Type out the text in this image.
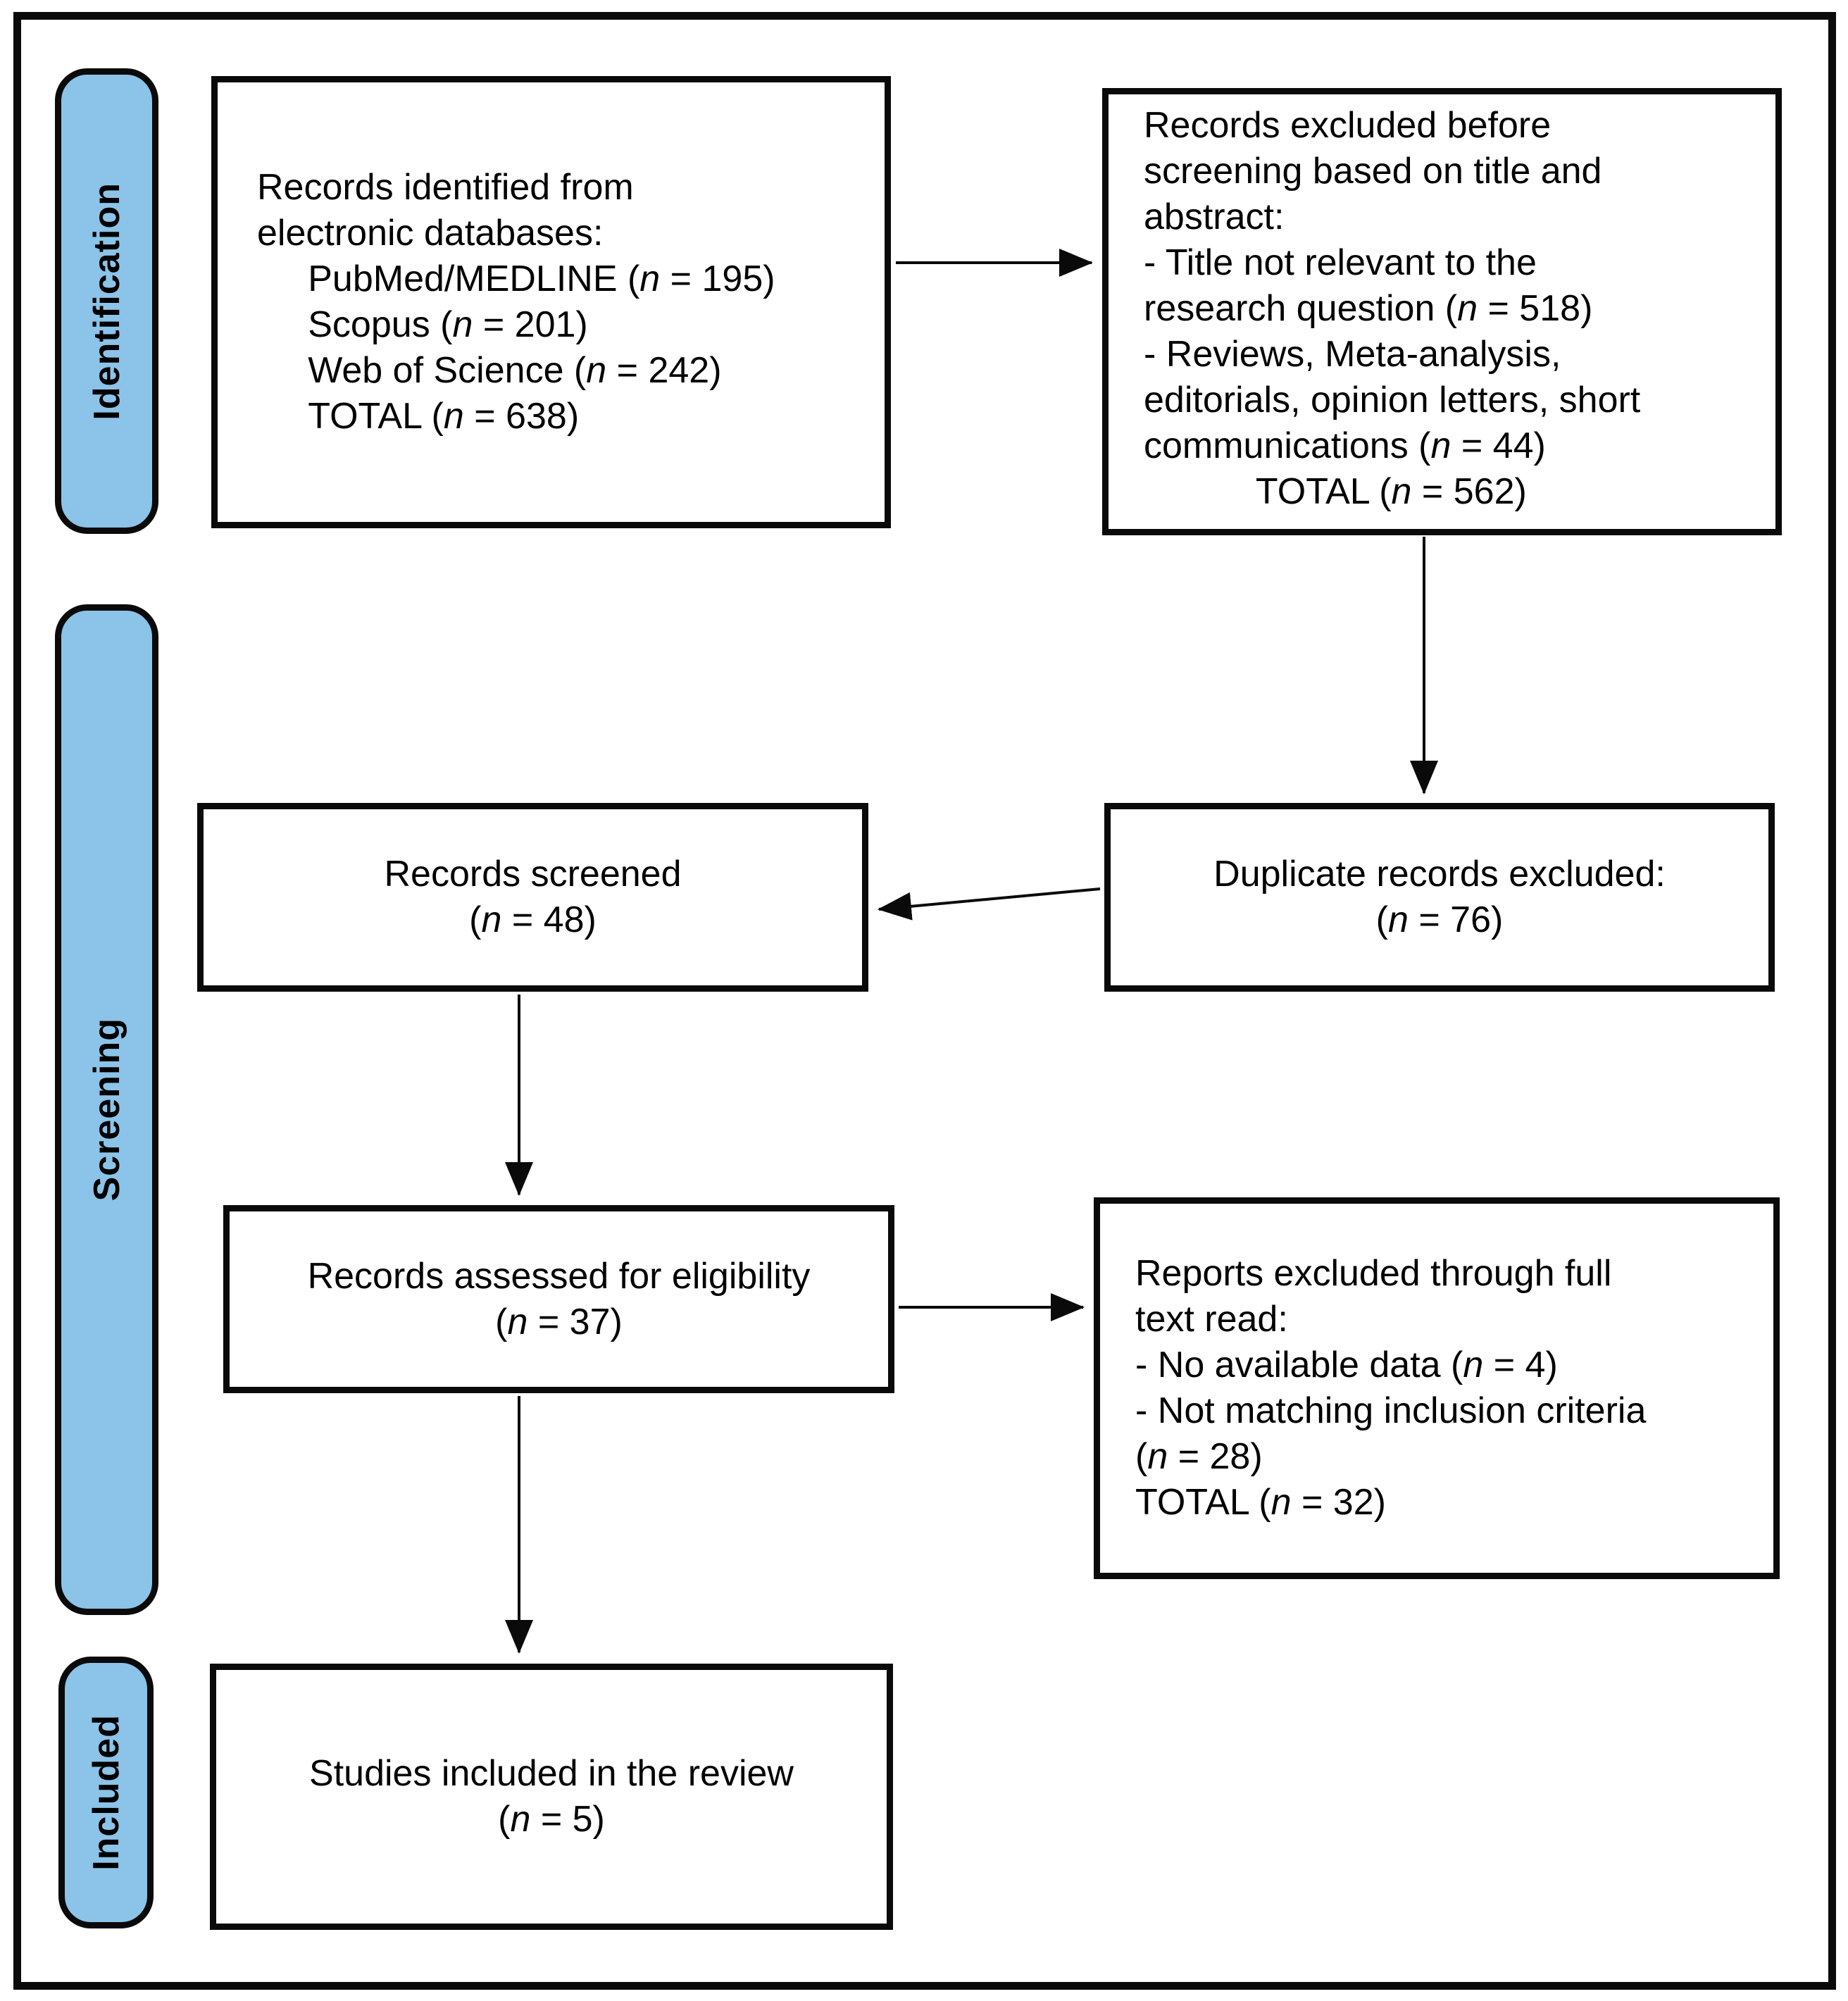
Identification
Screening
Included
Records identified from
electronic databases:
PubMed/MEDLINE (n = 195)
Scopus (n = 201)
Web of Science (n = 242)
TOTAL (n = 638)
Records excluded before
screening based on title and
abstract:
- Title not relevant to the
research question (n = 518)
- Reviews, Meta-analysis,
editorials, opinion letters, short
communications (n = 44)
TOTAL (n = 562)
Records screened
(n = 48)
Duplicate records excluded:
(n = 76)
Records assessed for eligibility
(n = 37)
Reports excluded through full
text read:
- No available data (n = 4)
- Not matching inclusion criteria
(n = 28)
TOTAL (n = 32)
Studies included in the review
(n = 5)
